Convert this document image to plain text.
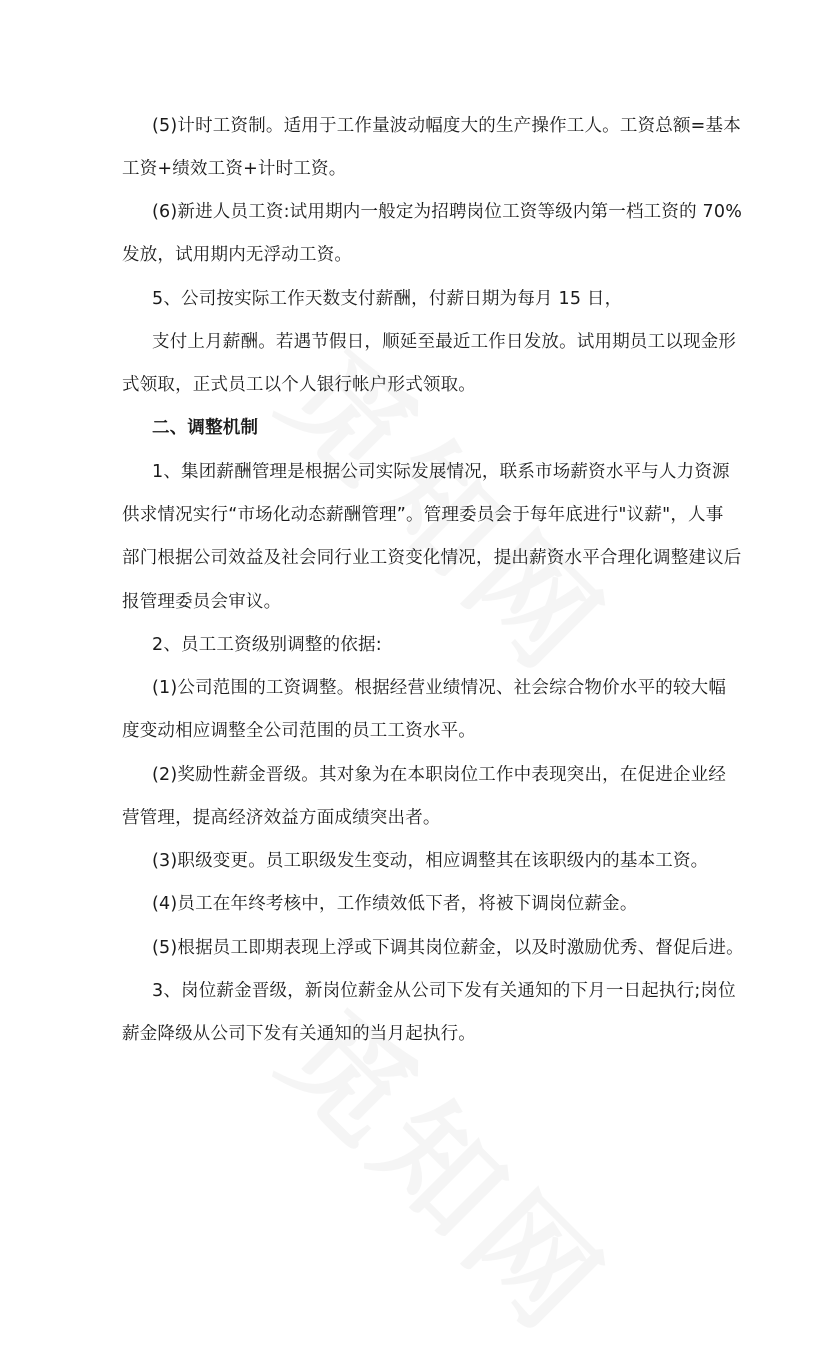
(5)计时工资制。适用于工作量波动幅度大的生产操作工人。工资总额=基本
工资+绩效工资+计时工资。
(6)新进人员工资:试用期内一般定为招聘岗位工资等级内第一档工资的 70%
发放，试用期内无浮动工资。
5、公司按实际工作天数支付薪酬，付薪日期为每月 15 日，
支付上月薪酬。若遇节假日，顺延至最近工作日发放。试用期员工以现金形
式领取，正式员工以个人银行帐户形式领取。
二、调整机制
1、集团薪酬管理是根据公司实际发展情况，联系市场薪资水平与人力资源
供求情况实行“市场化动态薪酬管理”。管理委员会于每年底进行"议薪"，人事
部门根据公司效益及社会同行业工资变化情况，提出薪资水平合理化调整建议后
报管理委员会审议。
2、员工工资级别调整的依据:
(1)公司范围的工资调整。根据经营业绩情况、社会综合物价水平的较大幅
度变动相应调整全公司范围的员工工资水平。
(2)奖励性薪金晋级。其对象为在本职岗位工作中表现突出，在促进企业经
营管理，提高经济效益方面成绩突出者。
(3)职级变更。员工职级发生变动，相应调整其在该职级内的基本工资。
(4)员工在年终考核中，工作绩效低下者，将被下调岗位薪金。
(5)根据员工即期表现上浮或下调其岗位薪金，以及时激励优秀、督促后进。
3、岗位薪金晋级，新岗位薪金从公司下发有关通知的下月一日起执行;岗位
薪金降级从公司下发有关通知的当月起执行。
